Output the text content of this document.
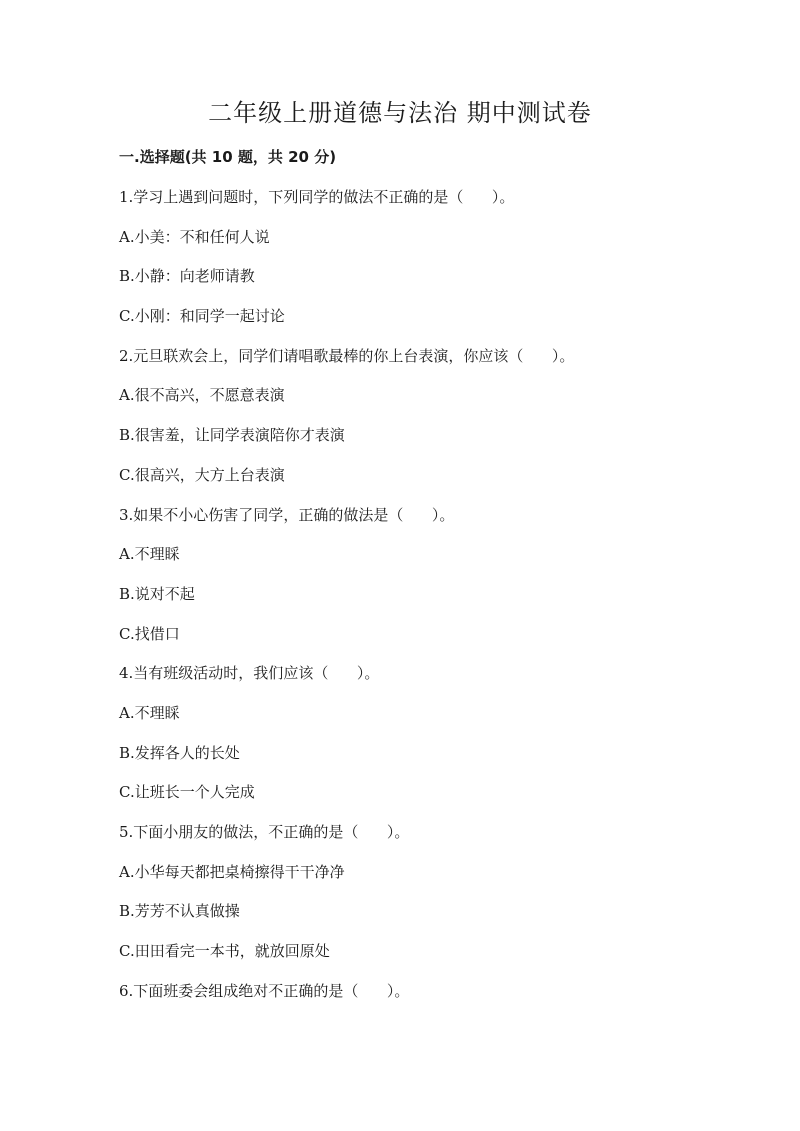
二年级上册道德与法治 期中测试卷
一.选择题(共 10 题，共 20 分)
1.学习上遇到问题时，下列同学的做法不正确的是（      ）。
A.小美：不和任何人说
B.小静：向老师请教
C.小刚：和同学一起讨论
2.元旦联欢会上，同学们请唱歌最棒的你上台表演，你应该（      ）。
A.很不高兴，不愿意表演
B.很害羞，让同学表演陪你才表演
C.很高兴，大方上台表演
3.如果不小心伤害了同学，正确的做法是（      ）。
A.不理睬
B.说对不起
C.找借口
4.当有班级活动时，我们应该（      ）。
A.不理睬
B.发挥各人的长处
C.让班长一个人完成
5.下面小朋友的做法，不正确的是（      ）。
A.小华每天都把桌椅擦得干干净净
B.芳芳不认真做操
C.田田看完一本书，就放回原处
6.下面班委会组成绝对不正确的是（      ）。
